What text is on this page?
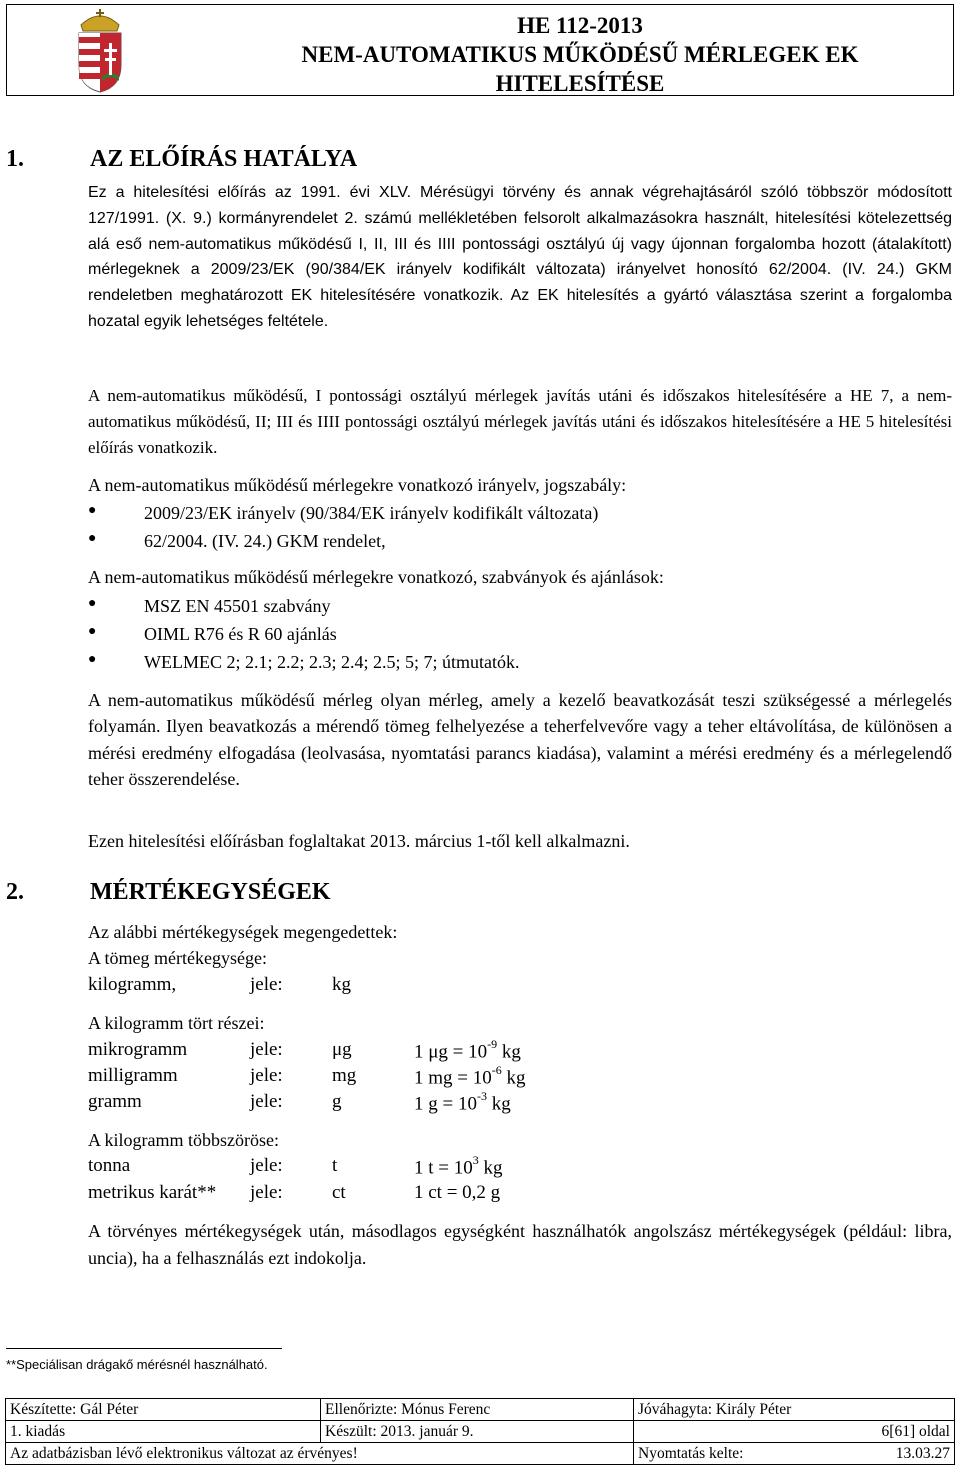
HE 112-2013
NEM-AUTOMATIKUS MŰKÖDÉSŰ MÉRLEGEK EK
HITELESÍTÉSE
1.	AZ ELŐÍRÁS HATÁLYA

Ez a hitelesítési előírás az 1991. évi XLV. Mérésügyi törvény és annak végrehajtásáról szóló többször módosított 127/1991. (X. 9.) kormányrendelet 2. számú mellékletében felsorolt alkalmazásokra használt, hitelesítési kötelezettség alá eső nem-automatikus működésű I, II, III és IIII pontossági osztályú új vagy újonnan forgalomba hozott (átalakított) mérlegeknek a 2009/23/EK (90/384/EK irányelv kodifikált változata) irányelvet honosító 62/2004. (IV. 24.) GKM rendeletben meghatározott EK hitelesítésére vonatkozik. Az EK hitelesítés a gyártó választása szerint a forgalomba hozatal egyik lehetséges feltétele.

A nem-automatikus működésű, I pontossági osztályú mérlegek javítás utáni és időszakos hitelesítésére a HE 7, a nem-automatikus működésű, II; III és IIII pontossági osztályú mérlegek javítás utáni és időszakos hitelesítésére a HE 5 hitelesítési előírás vonatkozik.

A nem-automatikus működésű mérlegekre vonatkozó irányelv, jogszabály:
●	2009/23/EK irányelv (90/384/EK irányelv kodifikált változata)
●	62/2004. (IV. 24.) GKM rendelet,
A nem-automatikus működésű mérlegekre vonatkozó, szabványok és ajánlások:
●	MSZ EN 45501 szabvány
●	OIML R76 és R 60 ajánlás
●	WELMEC 2; 2.1; 2.2; 2.3; 2.4; 2.5; 5; 7; útmutatók.

A nem-automatikus működésű mérleg olyan mérleg, amely a kezelő beavatkozását teszi szükségessé a mérlegelés folyamán. Ilyen beavatkozás a mérendő tömeg felhelyezése a teherfelvevőre vagy a teher eltávolítása, de különösen a mérési eredmény elfogadása (leolvasása, nyomtatási parancs kiadása), valamint a mérési eredmény és a mérlegelendő teher összerendelése.

Ezen hitelesítési előírásban foglaltakat 2013. március 1-től kell alkalmazni.
2.	MÉRTÉKEGYSÉGEK
Az alábbi mértékegységek megengedettek:
A tömeg mértékegysége:
kilogramm,	jele:	kg
A kilogramm tört részei:
mikrogramm	jele:	μg	1 $\mu g = 10^{-9}$ kg
milligramm	jele:	mg	1 mg = $10^{-6}$ kg
gramm	jele:	g	1 $g = 10^{-3}$ kg
A kilogramm többszöröse:
tonna	jele:	t	1 $t = 10^3$ kg
metrikus karát** jele:	ct	1 ct = 0,2 g

A törvényes mértékegységek után, másodlagos egységként használhatók angolszász mértékegységek (például: libra, uncia), ha a felhasználás ezt indokolja.

**Speciálisan drágakő mérésnél használható.
Készítette: Gál Péter	Ellenőrizte: Mónus Ferenc	Jóváhagyta: Király Péter	
1. kiadás	Készült: 2013. január 9.	6[61] oldal	
Az adatbázisban lévő elektronikus változat az érvényes!		Nyomtatás kelte:	13.03.27
